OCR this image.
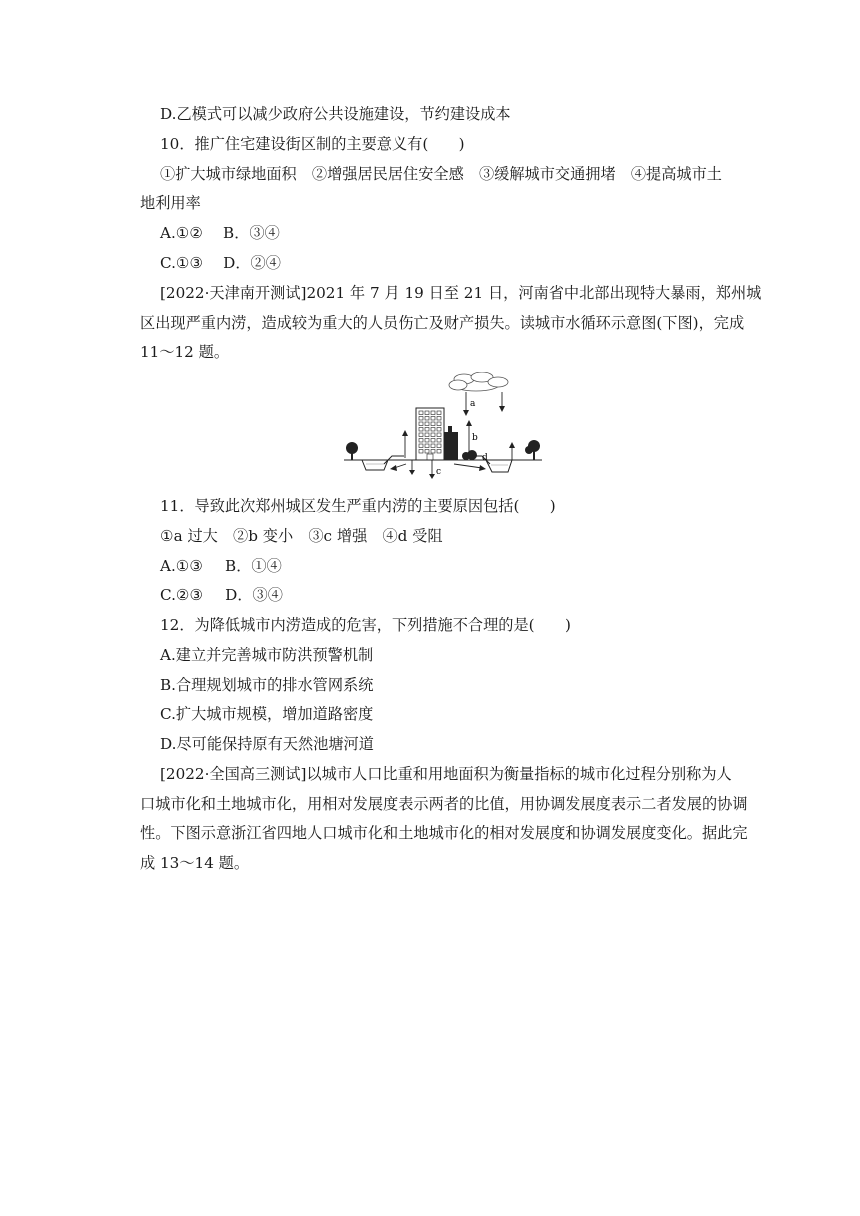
D.乙模式可以减少政府公共设施建设，节约建设成本
10．推广住宅建设街区制的主要意义有(　　)
①扩大城市绿地面积　②增强居民居住安全感　③缓解城市交通拥堵　④提高城市土
地利用率
A.①② B．③④
C.①③ D．②④
[2022·天津南开测试]2021 年 7 月 19 日至 21 日，河南省中北部出现特大暴雨，郑州城
区出现严重内涝，造成较为重大的人员伤亡及财产损失。读城市水循环示意图(下图)，完成
11～12 题。
a
b
d
c
11．导致此次郑州城区发生严重内涝的主要原因包括(　　)
①a 过大　②b 变小　③c 增强　④d 受阻
A.①③ B．①④
C.②③ D．③④
12．为降低城市内涝造成的危害，下列措施不合理的是(　　)
A.建立并完善城市防洪预警机制
B.合理规划城市的排水管网系统
C.扩大城市规模，增加道路密度
D.尽可能保持原有天然池塘河道
[2022·全国高三测试]以城市人口比重和用地面积为衡量指标的城市化过程分别称为人
口城市化和土地城市化，用相对发展度表示两者的比值，用协调发展度表示二者发展的协调
性。下图示意浙江省四地人口城市化和土地城市化的相对发展度和协调发展度变化。据此完
成 13～14 题。
